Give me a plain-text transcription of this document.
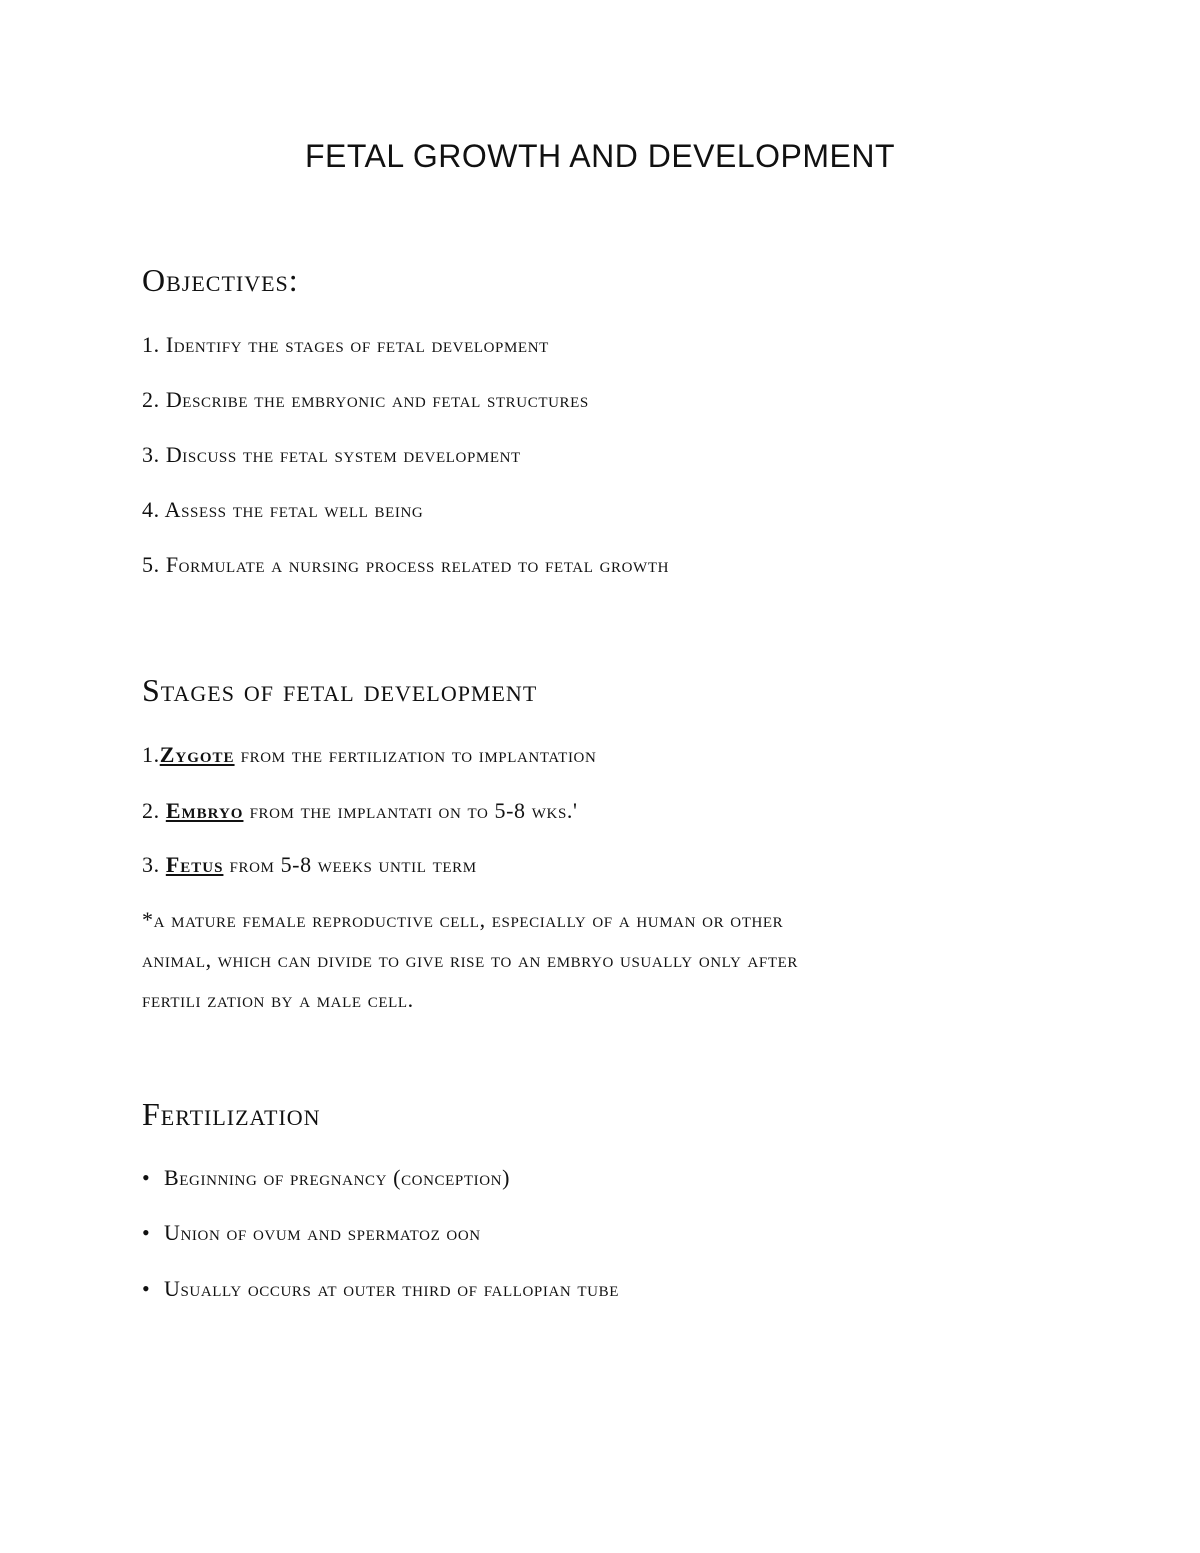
FETAL GROWTH AND DEVELOPMENT
Objectives:

1. Identify the stages of fetal development

2. Describe the embryonic and fetal structures

3. Discuss the fetal system development

4. Assess the fetal well being

5. Formulate a nursing process related to fetal growth

Stages of fetal development

1.Zygote from the fertilization to implantation

2. Embryo from the implantati on to 5-8 wks.'

3. Fetus from 5-8 weeks until term

*a mature female reproductive cell, especially of a human or other

animal, which can divide to give rise to an embryo usually only after

fertili zation by a male cell.

Fertilization

• Beginning of pregnancy (conception)

• Union of ovum and spermatoz oon

• Usually occurs at outer third of fallopian tube
